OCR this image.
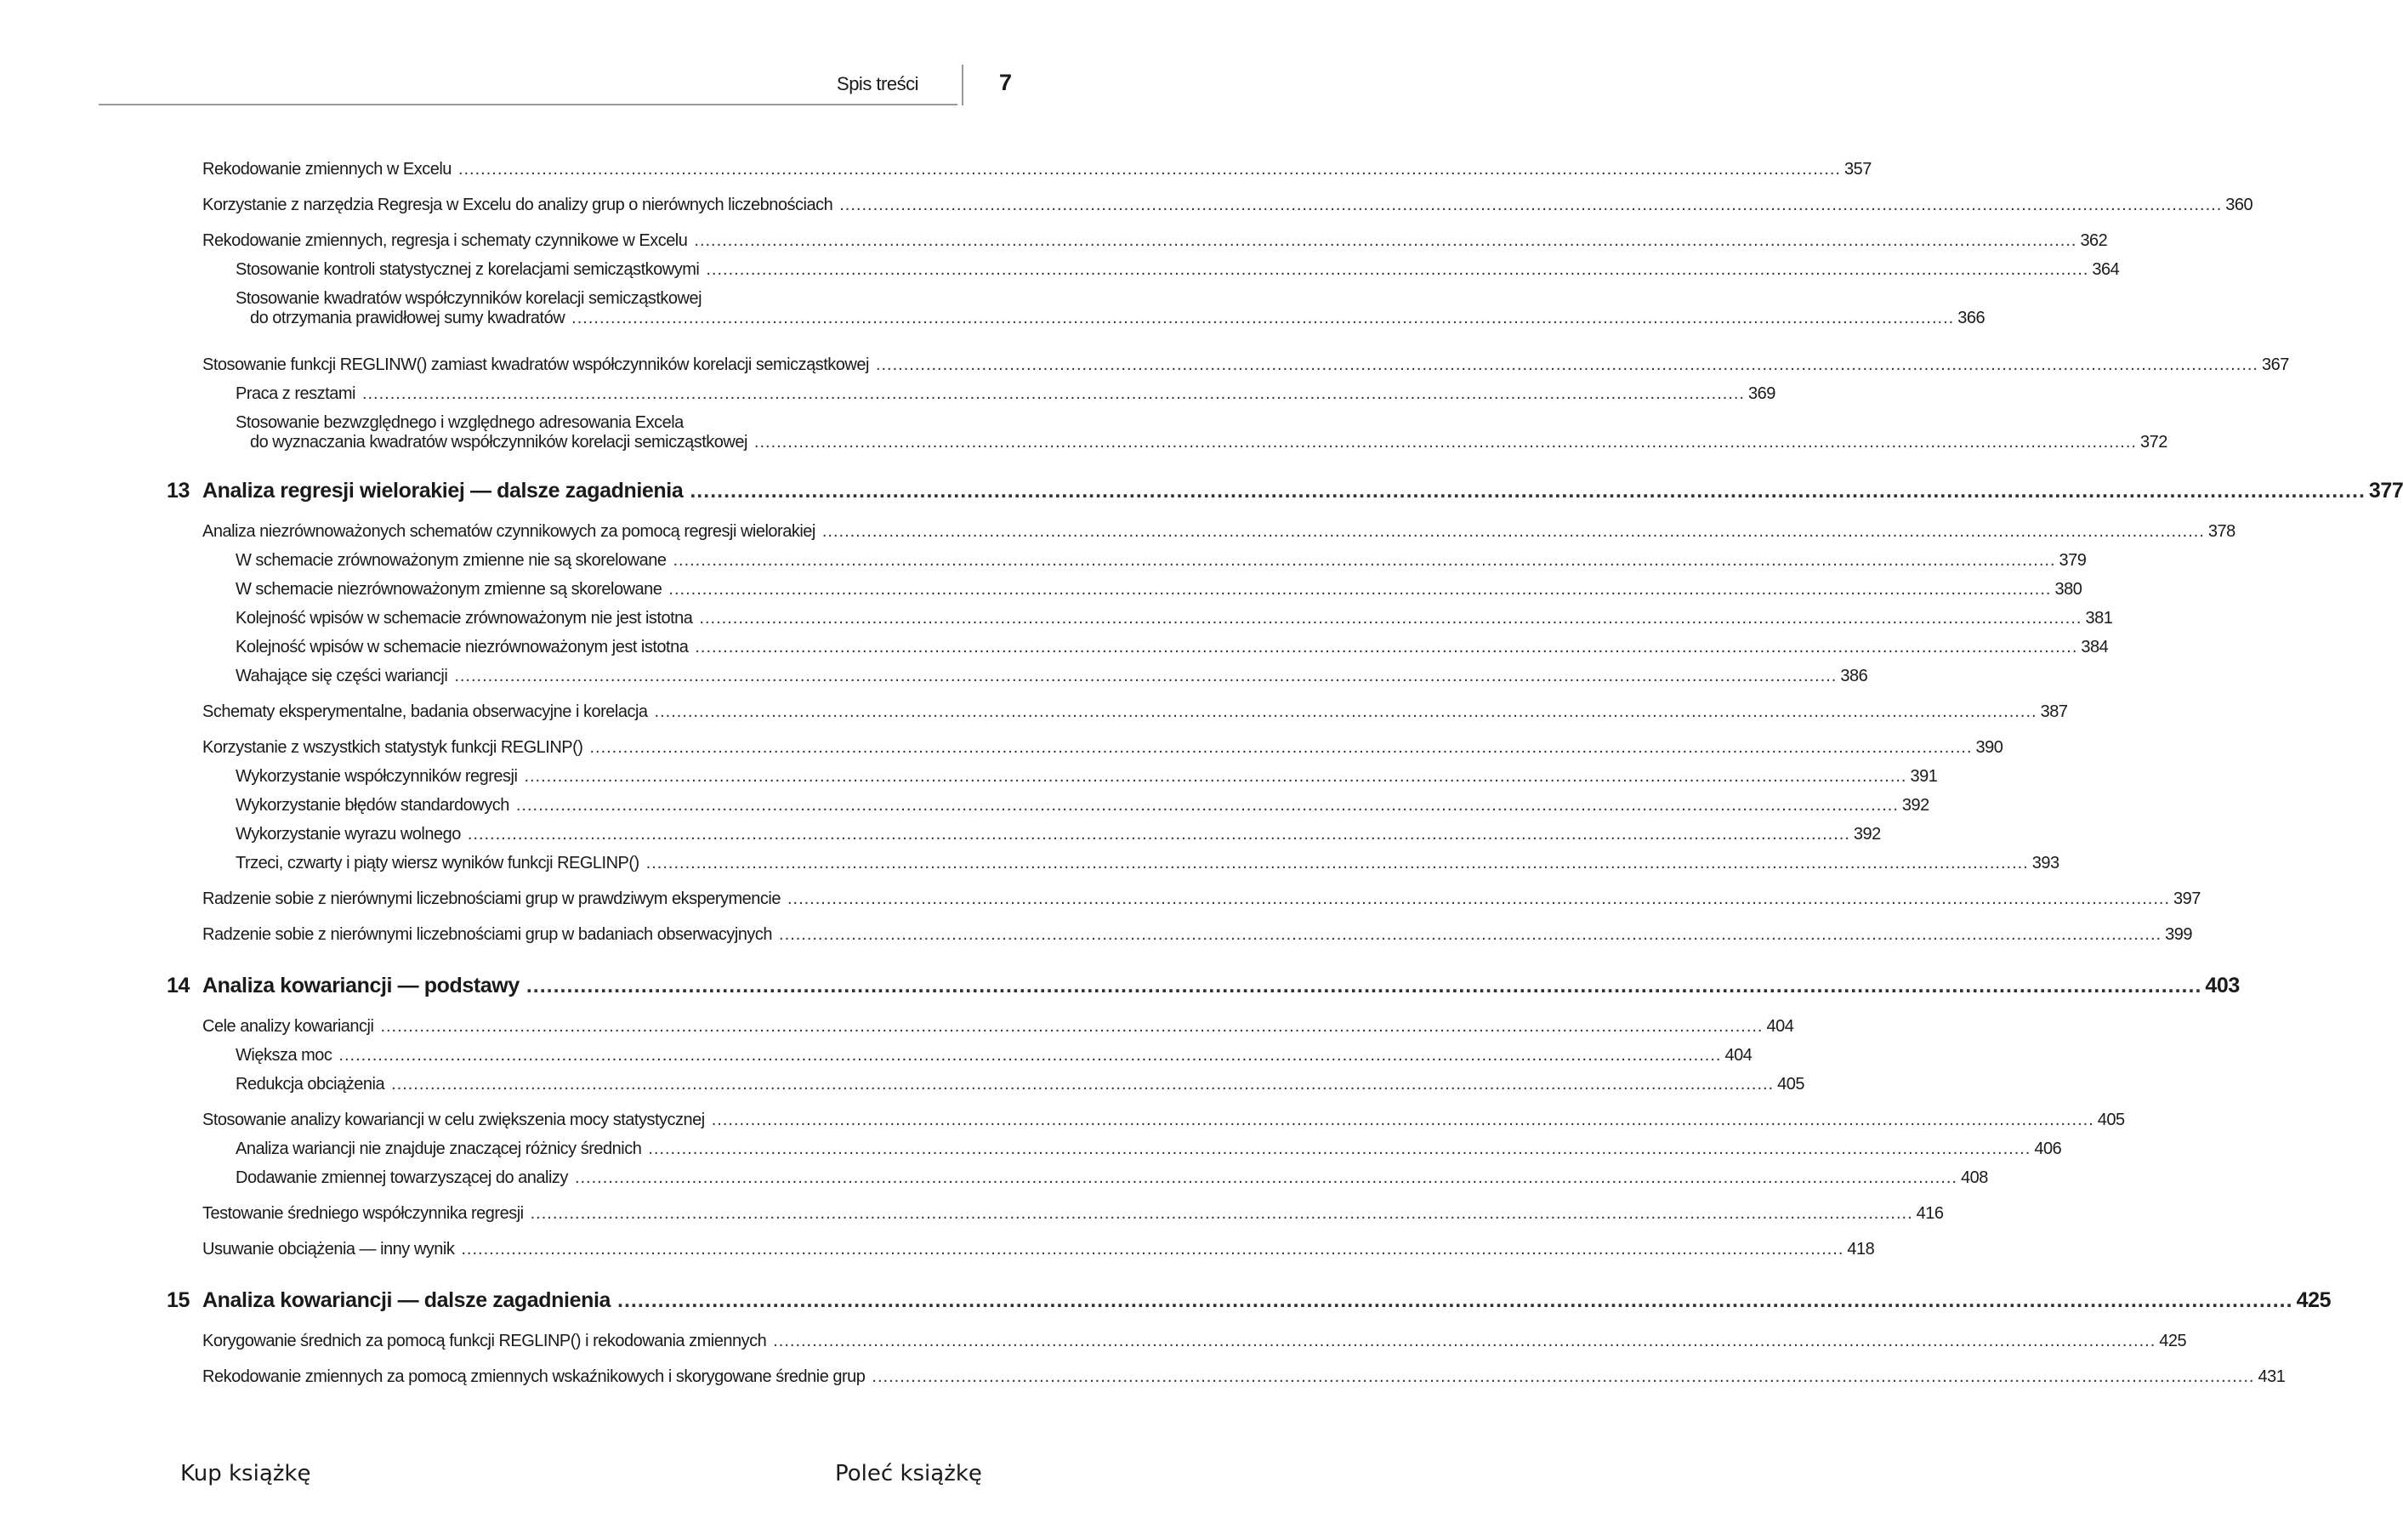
Spis treści	7
Rekodowanie zmiennych w Excelu .....	357
Korzystanie z narzędzia Regresja w Excelu do analizy grup o nierównych liczebnościach .....	360
Rekodowanie zmiennych, regresja i schematy czynnikowe w Excelu .....	362
Stosowanie kontroli statystycznej z korelacjami semicząstkowymi .....	364
Stosowanie kwadratów współczynników korelacji semicząstkowej
do otrzymania prawidłowej sumy kwadratów .....	366
Stosowanie funkcji REGLINW() zamiast kwadratów współczynników korelacji semicząstkowej .....	367
Praca z resztami .....	369
Stosowanie bezwzględnego i względnego adresowania Excela
do wyznaczania kwadratów współczynników korelacji semicząstkowej .....	372
13 Analiza regresji wielorakiej — dalsze zagadnienia .....	377
Analiza niezrównoważonych schematów czynnikowych za pomocą regresji wielorakiej .....	378
W schemacie zrównoważonym zmienne nie są skorelowane .....	379
W schemacie niezrównoważonym zmienne są skorelowane .....	380
Kolejność wpisów w schemacie zrównoważonym nie jest istotna .....	381
Kolejność wpisów w schemacie niezrównoważonym jest istotna .....	384
Wahające się części wariancji .....	386
Schematy eksperymentalne, badania obserwacyjne i korelacja .....	387
Korzystanie z wszystkich statystyk funkcji REGLINP() .....	390
Wykorzystanie współczynników regresji .....	391
Wykorzystanie błędów standardowych .....	392
Wykorzystanie wyrazu wolnego .....	392
Trzeci, czwarty i piąty wiersz wyników funkcji REGLINP() .....	393
Radzenie sobie z nierównymi liczebnościami grup w prawdziwym eksperymencie .....	397
Radzenie sobie z nierównymi liczebnościami grup w badaniach obserwacyjnych .....	399
14 Analiza kowariancji — podstawy .....	403
Cele analizy kowariancji .....	404
Większa moc .....	404
Redukcja obciążenia .....	405
Stosowanie analizy kowariancji w celu zwiększenia mocy statystycznej .....	405
Analiza wariancji nie znajduje znaczącej różnicy średnich .....	406
Dodawanie zmiennej towarzyszącej do analizy .....	408
Testowanie średniego współczynnika regresji .....	416
Usuwanie obciążenia — inny wynik .....	418
15 Analiza kowariancji — dalsze zagadnienia .....	425
Korygowanie średnich za pomocą funkcji REGLINP() i rekodowania zmiennych .....	425
Rekodowanie zmiennych za pomocą zmiennych wskaźnikowych i skorygowane średnie grup .....	431
Kup książkę	Poleć książkę
